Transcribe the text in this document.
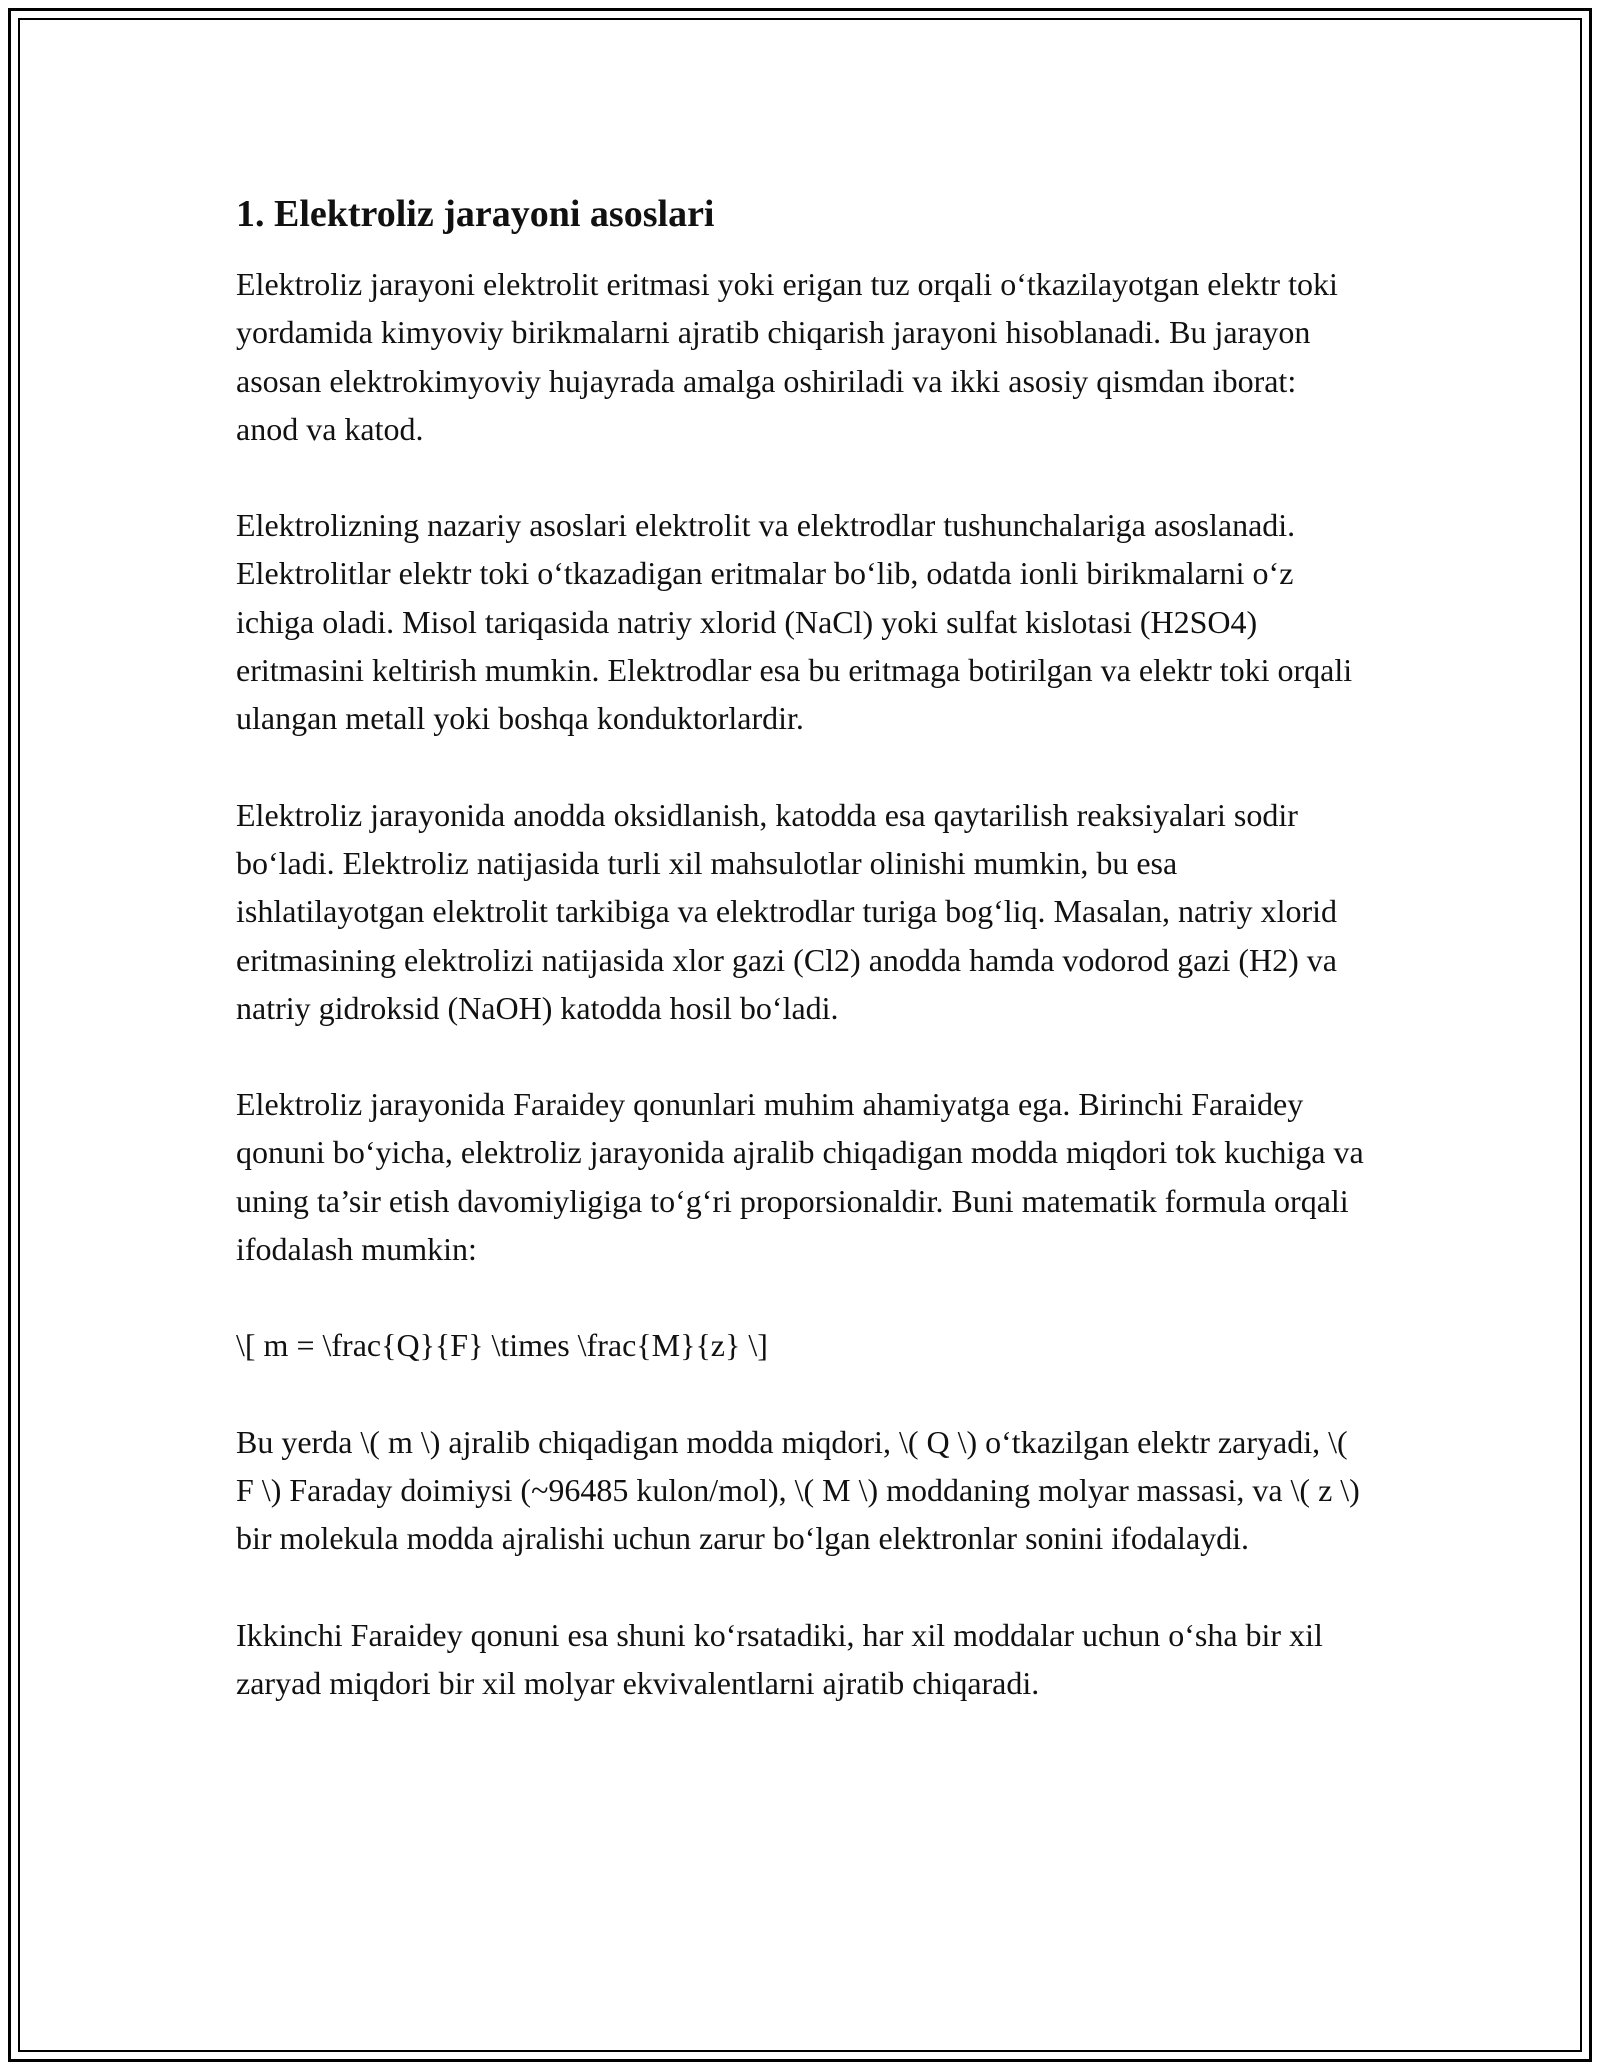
1. Elektroliz jarayoni asoslari

Elektroliz jarayoni elektrolit eritmasi yoki erigan tuz orqali o‘tkazilayotgan elektr toki yordamida kimyoviy birikmalarni ajratib chiqarish jarayoni hisoblanadi. Bu jarayon asosan elektrokimyoviy hujayrada amalga oshiriladi va ikki asosiy qismdan iborat: anod va katod.

Elektrolizning nazariy asoslari elektrolit va elektrodlar tushunchalariga asoslanadi. Elektrolitlar elektr toki o‘tkazadigan eritmalar bo‘lib, odatda ionli birikmalarni o‘z ichiga oladi. Misol tariqasida natriy xlorid (NaCl) yoki sulfat kislotasi (H2SO4) eritmasini keltirish mumkin. Elektrodlar esa bu eritmaga botirilgan va elektr toki orqali ulangan metall yoki boshqa konduktorlardir.

Elektroliz jarayonida anodda oksidlanish, katodda esa qaytarilish reaksiyalari sodir bo‘ladi. Elektroliz natijasida turli xil mahsulotlar olinishi mumkin, bu esa ishlatilayotgan elektrolit tarkibiga va elektrodlar turiga bog‘liq. Masalan, natriy xlorid eritmasining elektrolizi natijasida xlor gazi (Cl2) anodda hamda vodorod gazi (H2) va natriy gidroksid (NaOH) katodda hosil bo‘ladi.

Elektroliz jarayonida Faraidey qonunlari muhim ahamiyatga ega. Birinchi Faraidey qonuni bo‘yicha, elektroliz jarayonida ajralib chiqadigan modda miqdori tok kuchiga va uning ta’sir etish davomiyligiga to‘g‘ri proporsionaldir. Buni matematik formula orqali ifodalash mumkin:

\[ m = \frac{Q}{F} \times \frac{M}{z} \]

Bu yerda \( m \) ajralib chiqadigan modda miqdori, \( Q \) o‘tkazilgan elektr zaryadi, \( F \) Faraday doimiysi (~96485 kulon/mol), \( M \) moddaning molyar massasi, va \( z \) bir molekula modda ajralishi uchun zarur bo‘lgan elektronlar sonini ifodalaydi.

Ikkinchi Faraidey qonuni esa shuni ko‘rsatadiki, har xil moddalar uchun o‘sha bir xil zaryad miqdori bir xil molyar ekvivalentlarni ajratib chiqaradi.
